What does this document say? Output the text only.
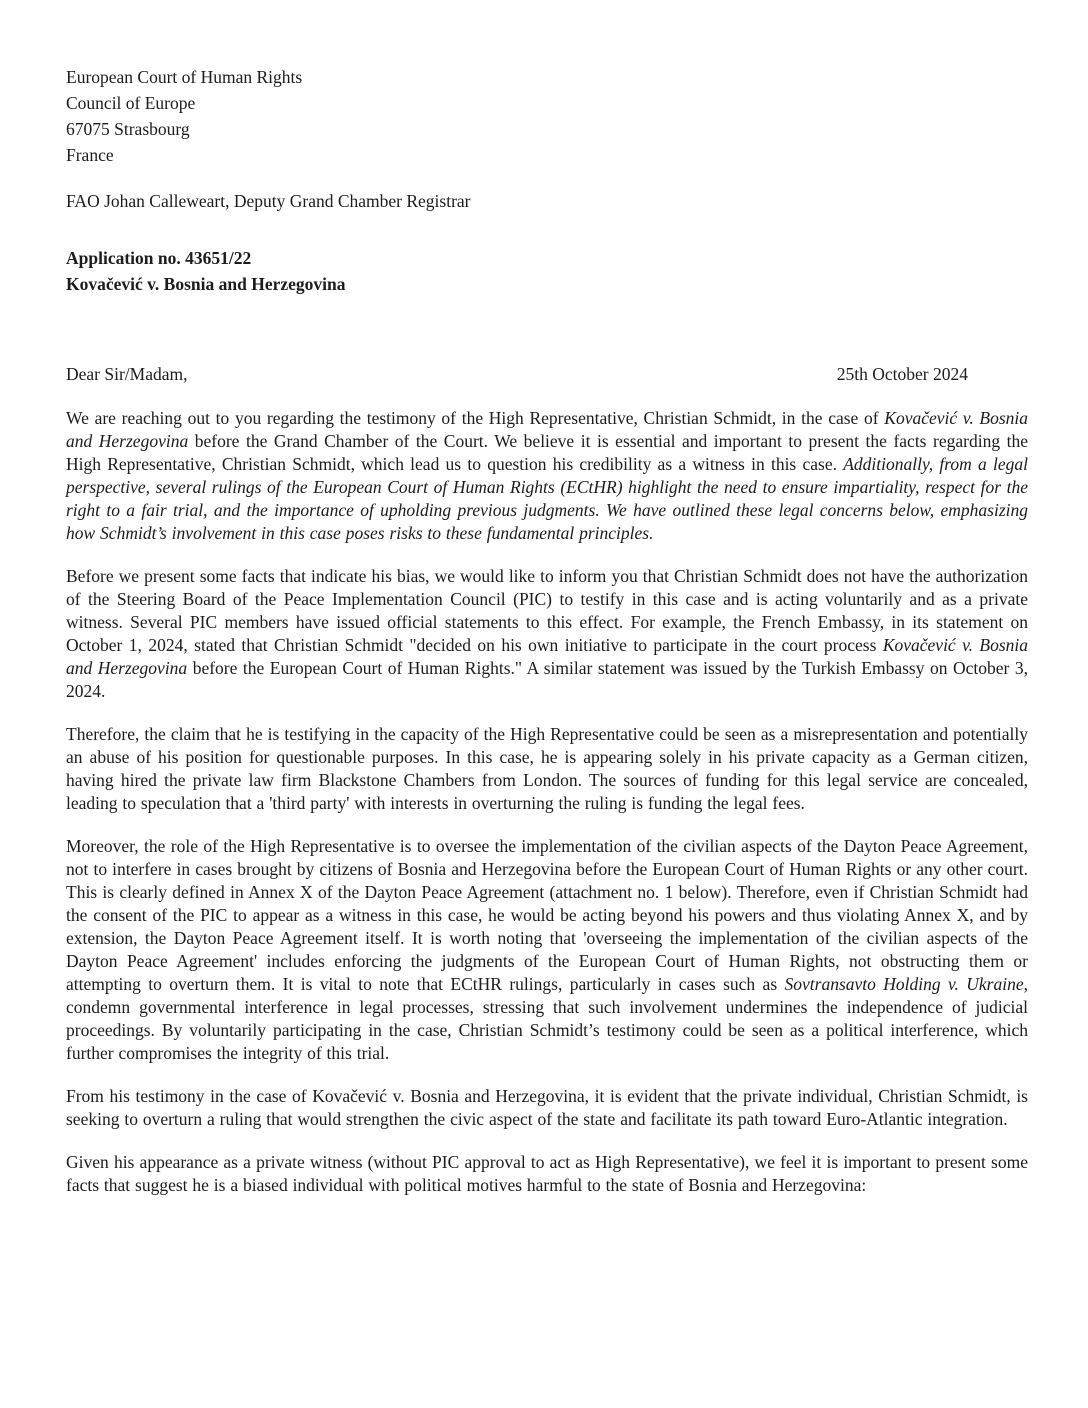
European Court of Human Rights
Council of Europe
67075 Strasbourg
France
FAO Johan Calleweart, Deputy Grand Chamber Registrar
Application no. 43651/22
Kovačević v. Bosnia and Herzegovina
Dear Sir/Madam,	25th October 2024

We are reaching out to you regarding the testimony of the High Representative, Christian Schmidt, in the case of Kovačević v. Bosnia and Herzegovina before the Grand Chamber of the Court. We believe it is essential and important to present the facts regarding the High Representative, Christian Schmidt, which lead us to question his credibility as a witness in this case. Additionally, from a legal perspective, several rulings of the European Court of Human Rights (ECtHR) highlight the need to ensure impartiality, respect for the right to a fair trial, and the importance of upholding previous judgments. We have outlined these legal concerns below, emphasizing how Schmidt’s involvement in this case poses risks to these fundamental principles.

Before we present some facts that indicate his bias, we would like to inform you that Christian Schmidt does not have the authorization of the Steering Board of the Peace Implementation Council (PIC) to testify in this case and is acting voluntarily and as a private witness. Several PIC members have issued official statements to this effect. For example, the French Embassy, in its statement on October 1, 2024, stated that Christian Schmidt "decided on his own initiative to participate in the court process Kovačević v. Bosnia and Herzegovina before the European Court of Human Rights." A similar statement was issued by the Turkish Embassy on October 3, 2024.

Therefore, the claim that he is testifying in the capacity of the High Representative could be seen as a misrepresentation and potentially an abuse of his position for questionable purposes. In this case, he is appearing solely in his private capacity as a German citizen, having hired the private law firm Blackstone Chambers from London. The sources of funding for this legal service are concealed, leading to speculation that a 'third party' with interests in overturning the ruling is funding the legal fees.

Moreover, the role of the High Representative is to oversee the implementation of the civilian aspects of the Dayton Peace Agreement, not to interfere in cases brought by citizens of Bosnia and Herzegovina before the European Court of Human Rights or any other court. This is clearly defined in Annex X of the Dayton Peace Agreement (attachment no. 1 below). Therefore, even if Christian Schmidt had the consent of the PIC to appear as a witness in this case, he would be acting beyond his powers and thus violating Annex X, and by extension, the Dayton Peace Agreement itself. It is worth noting that 'overseeing the implementation of the civilian aspects of the Dayton Peace Agreement' includes enforcing the judgments of the European Court of Human Rights, not obstructing them or attempting to overturn them. It is vital to note that ECtHR rulings, particularly in cases such as Sovtransavto Holding v. Ukraine, condemn governmental interference in legal processes, stressing that such involvement undermines the independence of judicial proceedings. By voluntarily participating in the case, Christian Schmidt’s testimony could be seen as a political interference, which further compromises the integrity of this trial.

From his testimony in the case of Kovačević v. Bosnia and Herzegovina, it is evident that the private individual, Christian Schmidt, is seeking to overturn a ruling that would strengthen the civic aspect of the state and facilitate its path toward Euro-Atlantic integration.

Given his appearance as a private witness (without PIC approval to act as High Representative), we feel it is important to present some facts that suggest he is a biased individual with political motives harmful to the state of Bosnia and Herzegovina:
